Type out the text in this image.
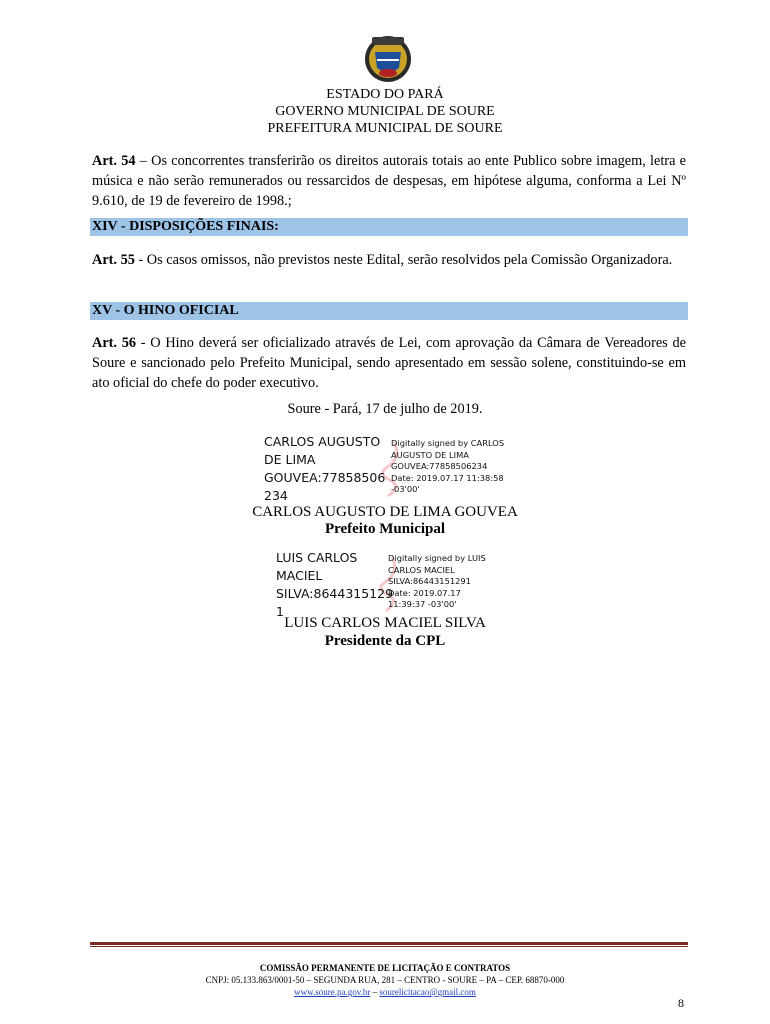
ESTADO DO PARÁ
GOVERNO MUNICIPAL DE SOURE
PREFEITURA MUNICIPAL DE SOURE
Art. 54 – Os concorrentes transferirão os direitos autorais totais ao ente Publico sobre imagem, letra e música e não serão remunerados ou ressarcidos de despesas, em hipótese alguma, conforma a Lei Nº 9.610, de 19 de fevereiro de 1998.;
XIV - DISPOSIÇÕES FINAIS:
Art. 55 - Os casos omissos, não previstos neste Edital, serão resolvidos pela Comissão Organizadora.
XV - O HINO OFICIAL
Art. 56 - O Hino deverá ser oficializado através de Lei, com aprovação da Câmara de Vereadores de Soure e sancionado pelo Prefeito Municipal, sendo apresentado em sessão solene, constituindo-se em ato oficial do chefe do poder executivo.
Soure - Pará, 17 de julho de 2019.
CARLOS AUGUSTO
DE LIMA
GOUVEA:77858506
234
Digitally signed by CARLOS
AUGUSTO DE LIMA
GOUVEA:77858506234
Date: 2019.07.17 11:38:58
-03'00'
CARLOS AUGUSTO DE LIMA GOUVEA
Prefeito Municipal
LUIS CARLOS
MACIEL
SILVA:8644315129
1
Digitally signed by LUIS
CARLOS MACIEL
SILVA:86443151291
Date: 2019.07.17
11:39:37 -03'00'
LUIS CARLOS MACIEL SILVA
Presidente da CPL
COMISSÃO PERMANENTE DE LICITAÇÃO E CONTRATOS
CNPJ: 05.133.863/0001-50 – SEGUNDA RUA, 281 – CENTRO - SOURE – PA – CEP. 68870-000
www.soure.pa.gov.br – sourelicitacao@gmail.com
8
